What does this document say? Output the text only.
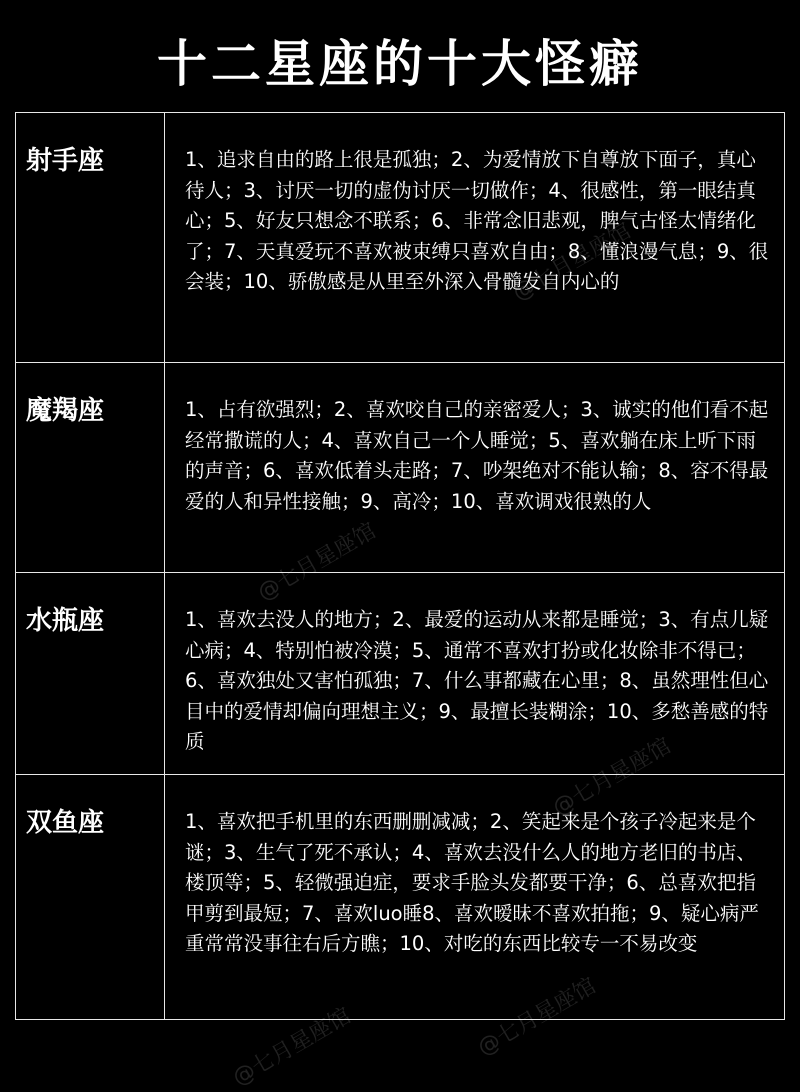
十二星座的十大怪癖
射手座	1、追求自由的路上很是孤独；2、为爱情放下自尊放下面子，真心待人；3、讨厌一切的虚伪讨厌一切做作；4、很感性，第一眼结真心；5、好友只想念不联系；6、非常念旧悲观，脾气古怪太情绪化了；7、天真爱玩不喜欢被束缚只喜欢自由；8、懂浪漫气息；9、很会装；10、骄傲感是从里至外深入骨髓发自内心的
魔羯座	1、占有欲强烈；2、喜欢咬自己的亲密爱人；3、诚实的他们看不起经常撒谎的人；4、喜欢自己一个人睡觉；5、喜欢躺在床上听下雨的声音；6、喜欢低着头走路；7、吵架绝对不能认输；8、容不得最爱的人和异性接触；9、高冷；10、喜欢调戏很熟的人
水瓶座	1、喜欢去没人的地方；2、最爱的运动从来都是睡觉；3、有点儿疑心病；4、特别怕被冷漠；5、通常不喜欢打扮或化妆除非不得已；6、喜欢独处又害怕孤独；7、什么事都藏在心里；8、虽然理性但心目中的爱情却偏向理想主义；9、最擅长装糊涂；10、多愁善感的特质
双鱼座	1、喜欢把手机里的东西删删减减；2、笑起来是个孩子冷起来是个谜；3、生气了死不承认；4、喜欢去没什么人的地方老旧的书店、楼顶等；5、轻微强迫症，要求手脸头发都要干净；6、总喜欢把指甲剪到最短；7、喜欢luo睡8、喜欢暧昧不喜欢拍拖；9、疑心病严重常常没事往右后方瞧；10、对吃的东西比较专一不易改变
@七月星座馆
@七月星座馆
@七月星座馆
@七月星座馆	@七月星座馆
